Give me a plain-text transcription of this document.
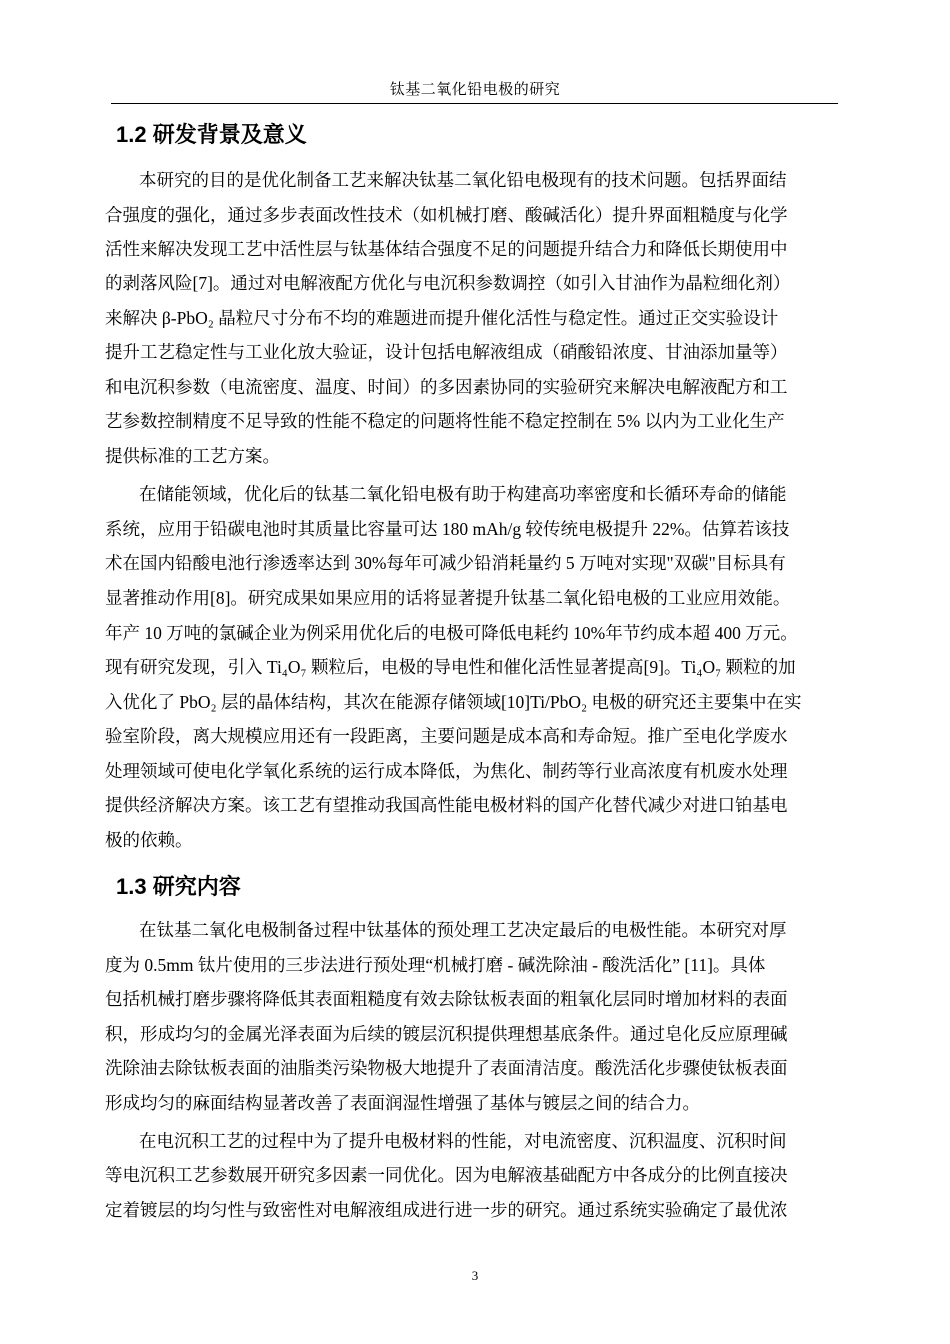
钛基二氧化铅电极的研究
1.2 研发背景及意义
本研究的目的是优化制备工艺来解决钛基二氧化铅电极现有的技术问题。包括界面结
合强度的强化，通过多步表面改性技术（如机械打磨、酸碱活化）提升界面粗糙度与化学
活性来解决发现工艺中活性层与钛基体结合强度不足的问题提升结合力和降低长期使用中
的剥落风险[7]。通过对电解液配方优化与电沉积参数调控（如引入甘油作为晶粒细化剂）
来解决 β-PbO₂ 晶粒尺寸分布不均的难题进而提升催化活性与稳定性。通过正交实验设计
提升工艺稳定性与工业化放大验证，设计包括电解液组成（硝酸铅浓度、甘油添加量等）
和电沉积参数（电流密度、温度、时间）的多因素协同的实验研究来解决电解液配方和工
艺参数控制精度不足导致的性能不稳定的问题将性能不稳定控制在 5% 以内为工业化生产
提供标准的工艺方案。
在储能领域，优化后的钛基二氧化铅电极有助于构建高功率密度和长循环寿命的储能
系统，应用于铅碳电池时其质量比容量可达 180 mAh/g 较传统电极提升 22%。估算若该技
术在国内铅酸电池行渗透率达到 30%每年可减少铅消耗量约 5 万吨对实现"双碳"目标具有
显著推动作用[8]。研究成果如果应用的话将显著提升钛基二氧化铅电极的工业应用效能。
年产 10 万吨的氯碱企业为例采用优化后的电极可降低电耗约 10%年节约成本超 400 万元。
现有研究发现，引入 Ti₄O₇ 颗粒后，电极的导电性和催化活性显著提高[9]。Ti₄O₇ 颗粒的加
入优化了 PbO₂ 层的晶体结构，其次在能源存储领域[10]Ti/PbO₂ 电极的研究还主要集中在实
验室阶段，离大规模应用还有一段距离，主要问题是成本高和寿命短。推广至电化学废水
处理领域可使电化学氧化系统的运行成本降低，为焦化、制药等行业高浓度有机废水处理
提供经济解决方案。该工艺有望推动我国高性能电极材料的国产化替代减少对进口铂基电
极的依赖。
1.3 研究内容
在钛基二氧化电极制备过程中钛基体的预处理工艺决定最后的电极性能。本研究对厚
度为 0.5mm 钛片使用的三步法进行预处理“机械打磨 - 碱洗除油 - 酸洗活化” [11]。具体
包括机械打磨步骤将降低其表面粗糙度有效去除钛板表面的粗氧化层同时增加材料的表面
积，形成均匀的金属光泽表面为后续的镀层沉积提供理想基底条件。通过皂化反应原理碱
洗除油去除钛板表面的油脂类污染物极大地提升了表面清洁度。酸洗活化步骤使钛板表面
形成均匀的麻面结构显著改善了表面润湿性增强了基体与镀层之间的结合力。
在电沉积工艺的过程中为了提升电极材料的性能，对电流密度、沉积温度、沉积时间
等电沉积工艺参数展开研究多因素一同优化。因为电解液基础配方中各成分的比例直接决
定着镀层的均匀性与致密性对电解液组成进行进一步的研究。通过系统实验确定了最优浓
3
